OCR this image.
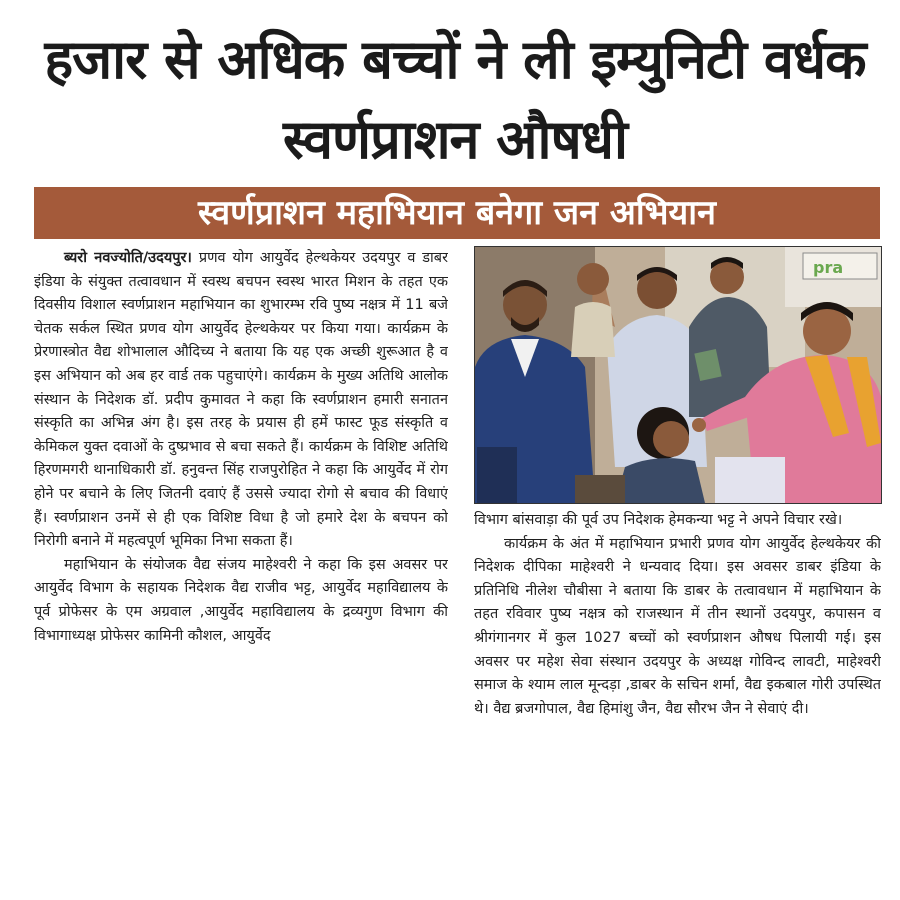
हजार से अधिक बच्चों ने ली इम्युनिटी वर्धक स्वर्णप्राशन औषधी
स्वर्णप्राशन महाभियान बनेगा जन अभियान

ब्यरो नवज्योति/उदयपुर। प्रणव योग आयुर्वेद हेल्थकेयर उदयपुर व डाबर इंडिया के संयुक्त तत्वावधान में स्वस्थ बचपन स्वस्थ भारत मिशन के तहत एक दिवसीय विशाल स्वर्णप्राशन महाभियान का शुभारम्भ रवि पुष्य नक्षत्र में 11 बजे चेतक सर्कल स्थित प्रणव योग आयुर्वेद हेल्थकेयर पर किया गया। कार्यक्रम के प्रेरणास्त्रोत वैद्य शोभालाल औदिच्य ने बताया कि यह एक अच्छी शुरूआत है व इस अभियान को अब हर वार्ड तक पहुचाएंगे। कार्यक्रम के मुख्य अतिथि आलोक संस्थान के निदेशक डॉ. प्रदीप कुमावत ने कहा कि स्वर्णप्राशन हमारी सनातन संस्कृति का अभिन्न अंग है। इस तरह के प्रयास ही हमें फास्ट फूड संस्कृति व केमिकल युक्त दवाओं के दुष्प्रभाव से बचा सकते हैं। कार्यक्रम के विशिष्ट अतिथि हिरणमगरी थानाधिकारी डॉ. हनुवन्त सिंह राजपुरोहित ने कहा कि आयुर्वेद में रोग होने पर बचाने के लिए जितनी दवाएं हैं उससे ज्यादा रोगो से बचाव की विधाएं हैं। स्वर्णप्राशन उनमें से ही एक विशिष्ट विधा है जो हमारे देश के बचपन को निरोगी बनाने में महत्वपूर्ण भूमिका निभा सकता हैं।

महाभियान के संयोजक वैद्य संजय माहेश्वरी ने कहा कि इस अवसर पर आयुर्वेद विभाग के सहायक निदेशक वैद्य राजीव भट्ट, आयुर्वेद महाविद्यालय के पूर्व प्रोफेसर के एम अग्रवाल ,आयुर्वेद महाविद्यालय के द्रव्यगुण विभाग की विभागाध्यक्ष प्रोफेसर कामिनी कौशल, आयुर्वेद

pra

विभाग बांसवाड़ा की पूर्व उप निदेशक हेमकन्या भट्ट ने अपने विचार रखे।

कार्यक्रम के अंत में महाभियान प्रभारी प्रणव योग आयुर्वेद हेल्थकेयर की निदेशक दीपिका माहेश्वरी ने धन्यवाद दिया। इस अवसर डाबर इंडिया के प्रतिनिधि नीलेश चौबीसा ने बताया कि डाबर के तत्वावधान में महाभियान के तहत रविवार पुष्य नक्षत्र को राजस्थान में तीन स्थानों उदयपुर, कपासन व श्रीगंगानगर में कुल 1027 बच्चों को स्वर्णप्राशन औषध पिलायी गई। इस अवसर पर महेश सेवा संस्थान उदयपुर के अध्यक्ष गोविन्द लावटी, माहेश्वरी समाज के श्याम लाल मून्दड़ा ,डाबर के सचिन शर्मा, वैद्य इकबाल गोरी उपस्थित थे। वैद्य ब्रजगोपाल, वैद्य हिमांशु जैन, वैद्य सौरभ जैन ने सेवाएं दी।
